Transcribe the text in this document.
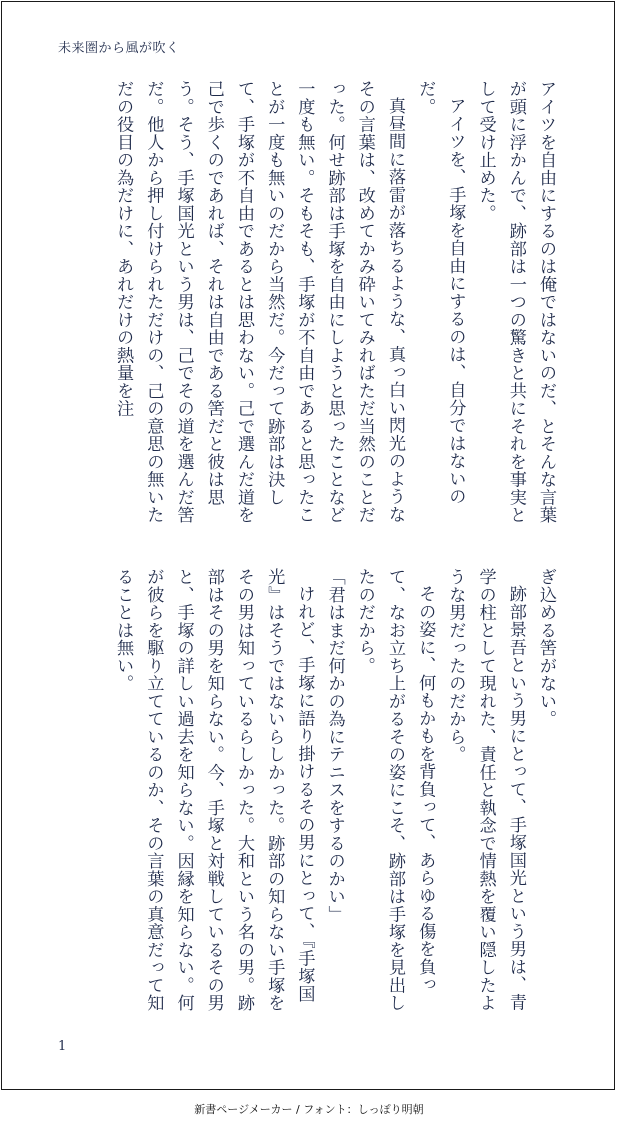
未来圏から風が吹く

アイツを自由にするのは俺ではないのだ、とそんな言葉が頭に浮かんで、跡部は一つの驚きと共にそれを事実として受け止めた。

アイツを、手塚を自由にするのは、自分ではないのだ。

真昼間に落雷が落ちるような、真っ白い閃光のようなその言葉は、改めてかみ砕いてみればただ当然のことだった。何せ跡部は手塚を自由にしようと思ったことなど一度も無い。そもそも、手塚が不自由であると思ったことが一度も無いのだから当然だ。今だって跡部は決して、手塚が不自由であるとは思わない。己で選んだ道を己で歩くのであれば、それは自由である筈だと彼は思う。そう、手塚国光という男は、己でその道を選んだ筈だ。他人から押し付けられただけの、己の意思の無いただの役目の為だけに、あれだけの熱量を注

ぎ込める筈がない。

跡部景吾という男にとって、手塚国光という男は、青学の柱として現れた、責任と執念で情熱を覆い隠したような男だったのだから。

その姿に、何もかもを背負って、あらゆる傷を負って、なお立ち上がるその姿にこそ、跡部は手塚を見出したのだから。

「君はまだ何かの為にテニスをするのかい」

けれど、手塚に語り掛けるその男にとって、『手塚国光』はそうではないらしかった。跡部の知らない手塚をその男は知っているらしかった。大和という名の男。跡部はその男を知らない。今、手塚と対戦しているその男と、手塚の詳しい過去を知らない。因縁を知らない。何が彼らを駆り立てているのか、その言葉の真意だって知ることは無い。

1
新書ページメーカー / フォント：しっぽり明朝
